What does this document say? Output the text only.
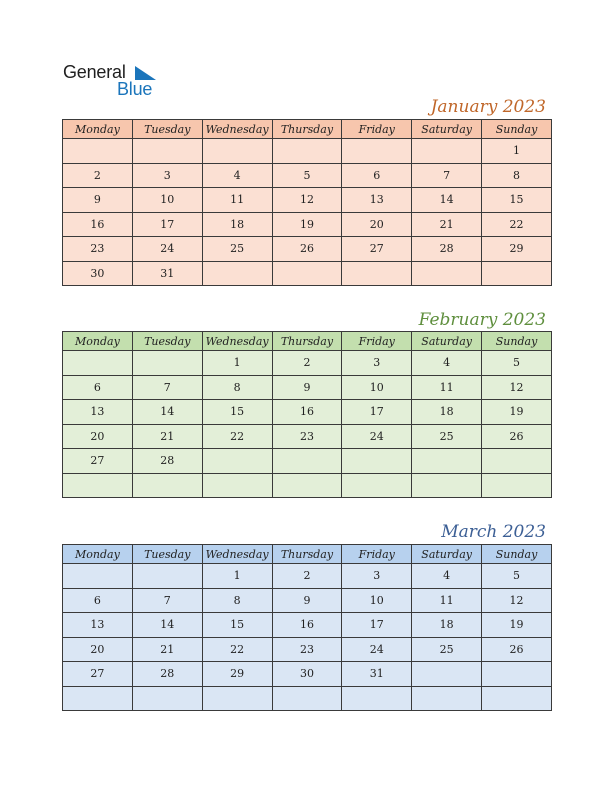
General
Blue
January 2023
Monday	Tuesday	Wednesday	Thursday	Friday	Saturday	Sunday
						1
2	3	4	5	6	7	8
9	10	11	12	13	14	15
16	17	18	19	20	21	22
23	24	25	26	27	28	29
30	31					
February 2023
Monday	Tuesday	Wednesday	Thursday	Friday	Saturday	Sunday
		1	2	3	4	5
6	7	8	9	10	11	12
13	14	15	16	17	18	19
20	21	22	23	24	25	26
27	28					

March 2023
Monday	Tuesday	Wednesday	Thursday	Friday	Saturday	Sunday
		1	2	3	4	5
6	7	8	9	10	11	12
13	14	15	16	17	18	19
20	21	22	23	24	25	26
27	28	29	30	31		
